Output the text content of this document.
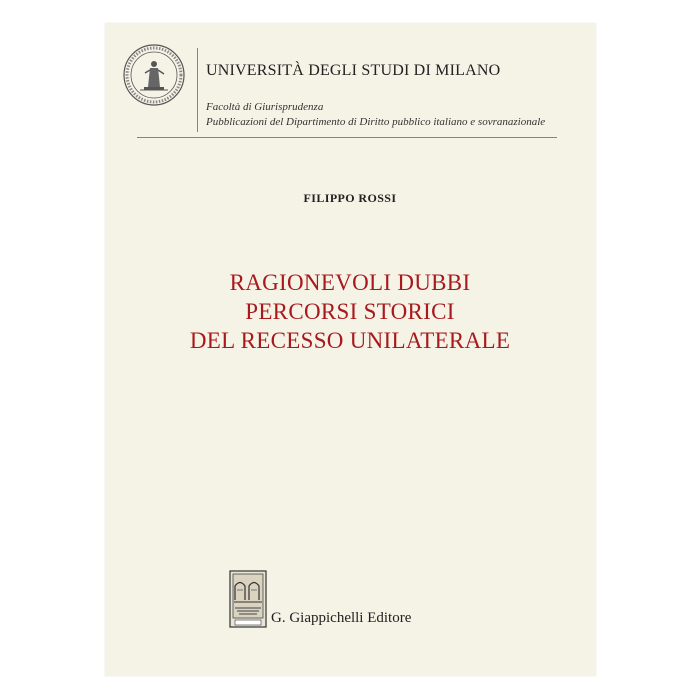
UNIVERSITÀ DEGLI STUDI DI MILANO
Facoltà di Giurisprudenza
Pubblicazioni del Dipartimento di Diritto pubblico italiano e sovranazionale
FILIPPO ROSSI
RAGIONEVOLI DUBBI
PERCORSI STORICI
DEL RECESSO UNILATERALE
G. Giappichelli Editore
